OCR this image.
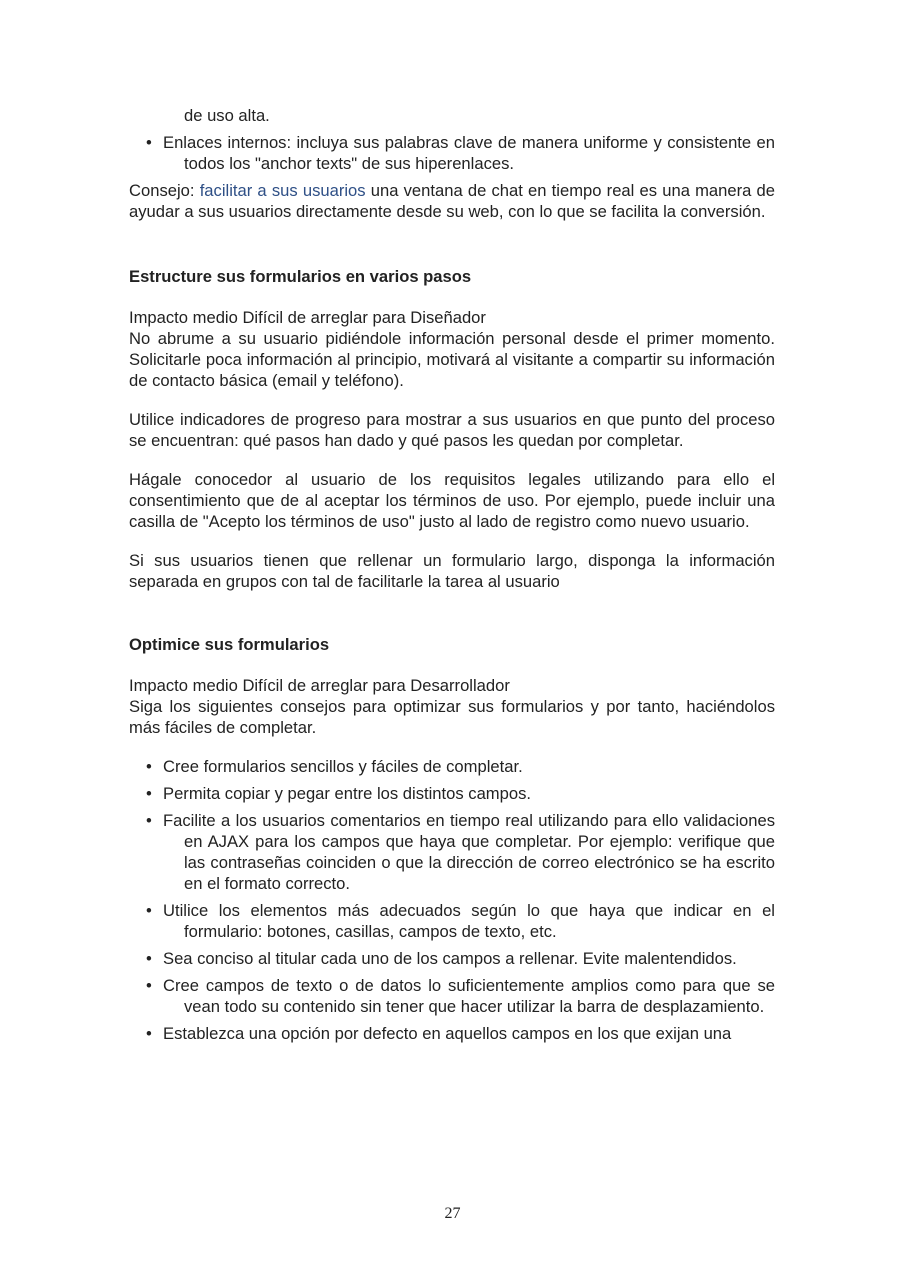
de uso alta.

• Enlaces internos: incluya sus palabras clave de manera uniforme y consistente en todos los "anchor texts" de sus hiperenlaces.

Consejo: facilitar a sus usuarios una ventana de chat en tiempo real es una manera de ayudar a sus usuarios directamente desde su web, con lo que se facilita la conversión.

Estructure sus formularios en varios pasos

Impacto medio Difícil de arreglar para Diseñador

No abrume a su usuario pidiéndole información personal desde el primer momento. Solicitarle poca información al principio, motivará al visitante a compartir su información de contacto básica (email y teléfono).

Utilice indicadores de progreso para mostrar a sus usuarios en que punto del proceso se encuentran: qué pasos han dado y qué pasos les quedan por completar.

Hágale conocedor al usuario de los requisitos legales utilizando para ello el consentimiento que de al aceptar los términos de uso. Por ejemplo, puede incluir una casilla de "Acepto los términos de uso" justo al lado de registro como nuevo usuario.

Si sus usuarios tienen que rellenar un formulario largo, disponga la información separada en grupos con tal de facilitarle la tarea al usuario

Optimice sus formularios

Impacto medio Difícil de arreglar para Desarrollador

Siga los siguientes consejos para optimizar sus formularios y por tanto, haciéndolos más fáciles de completar.

• Cree formularios sencillos y fáciles de completar.
• Permita copiar y pegar entre los distintos campos.
• Facilite a los usuarios comentarios en tiempo real utilizando para ello validaciones en AJAX para los campos que haya que completar. Por ejemplo: verifique que las contraseñas coinciden o que la dirección de correo electrónico se ha escrito en el formato correcto.
• Utilice los elementos más adecuados según lo que haya que indicar en el formulario: botones, casillas, campos de texto, etc.
• Sea conciso al titular cada uno de los campos a rellenar. Evite malentendidos.
• Cree campos de texto o de datos lo suficientemente amplios como para que se vean todo su contenido sin tener que hacer utilizar la barra de desplazamiento.
• Establezca una opción por defecto en aquellos campos en los que exijan una
27
